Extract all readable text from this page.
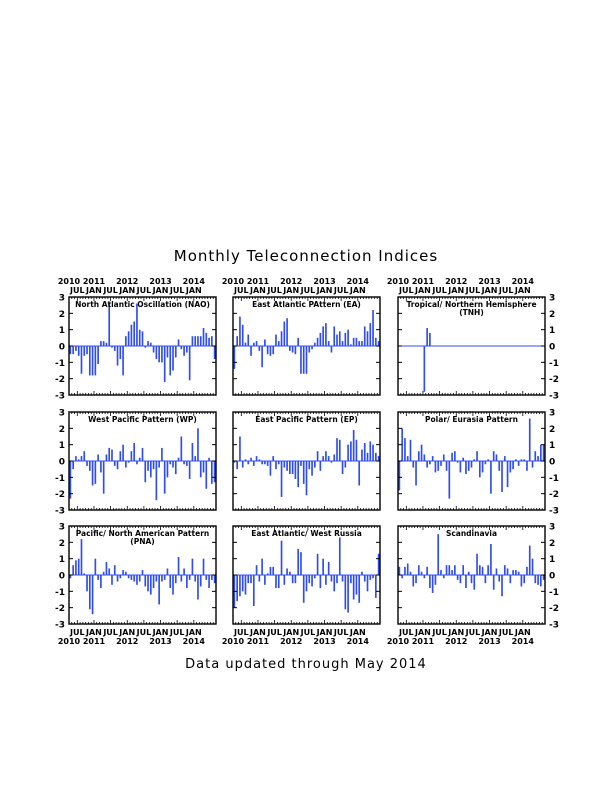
Monthly Teleconnection Indices
3
2
1
0
-1
-2
-3
North Atlantic Oscillation (NAO)
2010 2011 2012 2013 2014
JUL JAN JUL JAN JUL JAN JUL JAN
East Atlantic PAttern (EA)
2010 2011 2012 2013 2014
JUL JAN JUL JAN JUL JAN JUL JAN
3
2
1
0
-1
-2
-3
Tropical/ Northern Hemisphere
(TNH)
2010 2011 2012 2013 2014
JUL JAN JUL JAN JUL JAN JUL JAN
3
2
1
0
-1
-2
-3
West Pacific Pattern (WP)	East Pacific Pattern (EP)
3
2
1
0
-1
-2
-3
Polar/ Eurasia Pattern
3
2
1
0
-1
-2
-3
Pacific/ North American Pattern
(PNA)
JUL JAN JUL JAN JUL JAN JUL JAN
2010 2011 2012 2013 2014
East Atlantic/ West Russia
JUL JAN JUL JAN JUL JAN JUL JAN
2010 2011 2012 2013 2014
3
2
1
0
-1
-2
-3
Scandinavia
JUL JAN JUL JAN JUL JAN JUL JAN
2010 2011 2012 2013 2014
Data updated through May 2014
